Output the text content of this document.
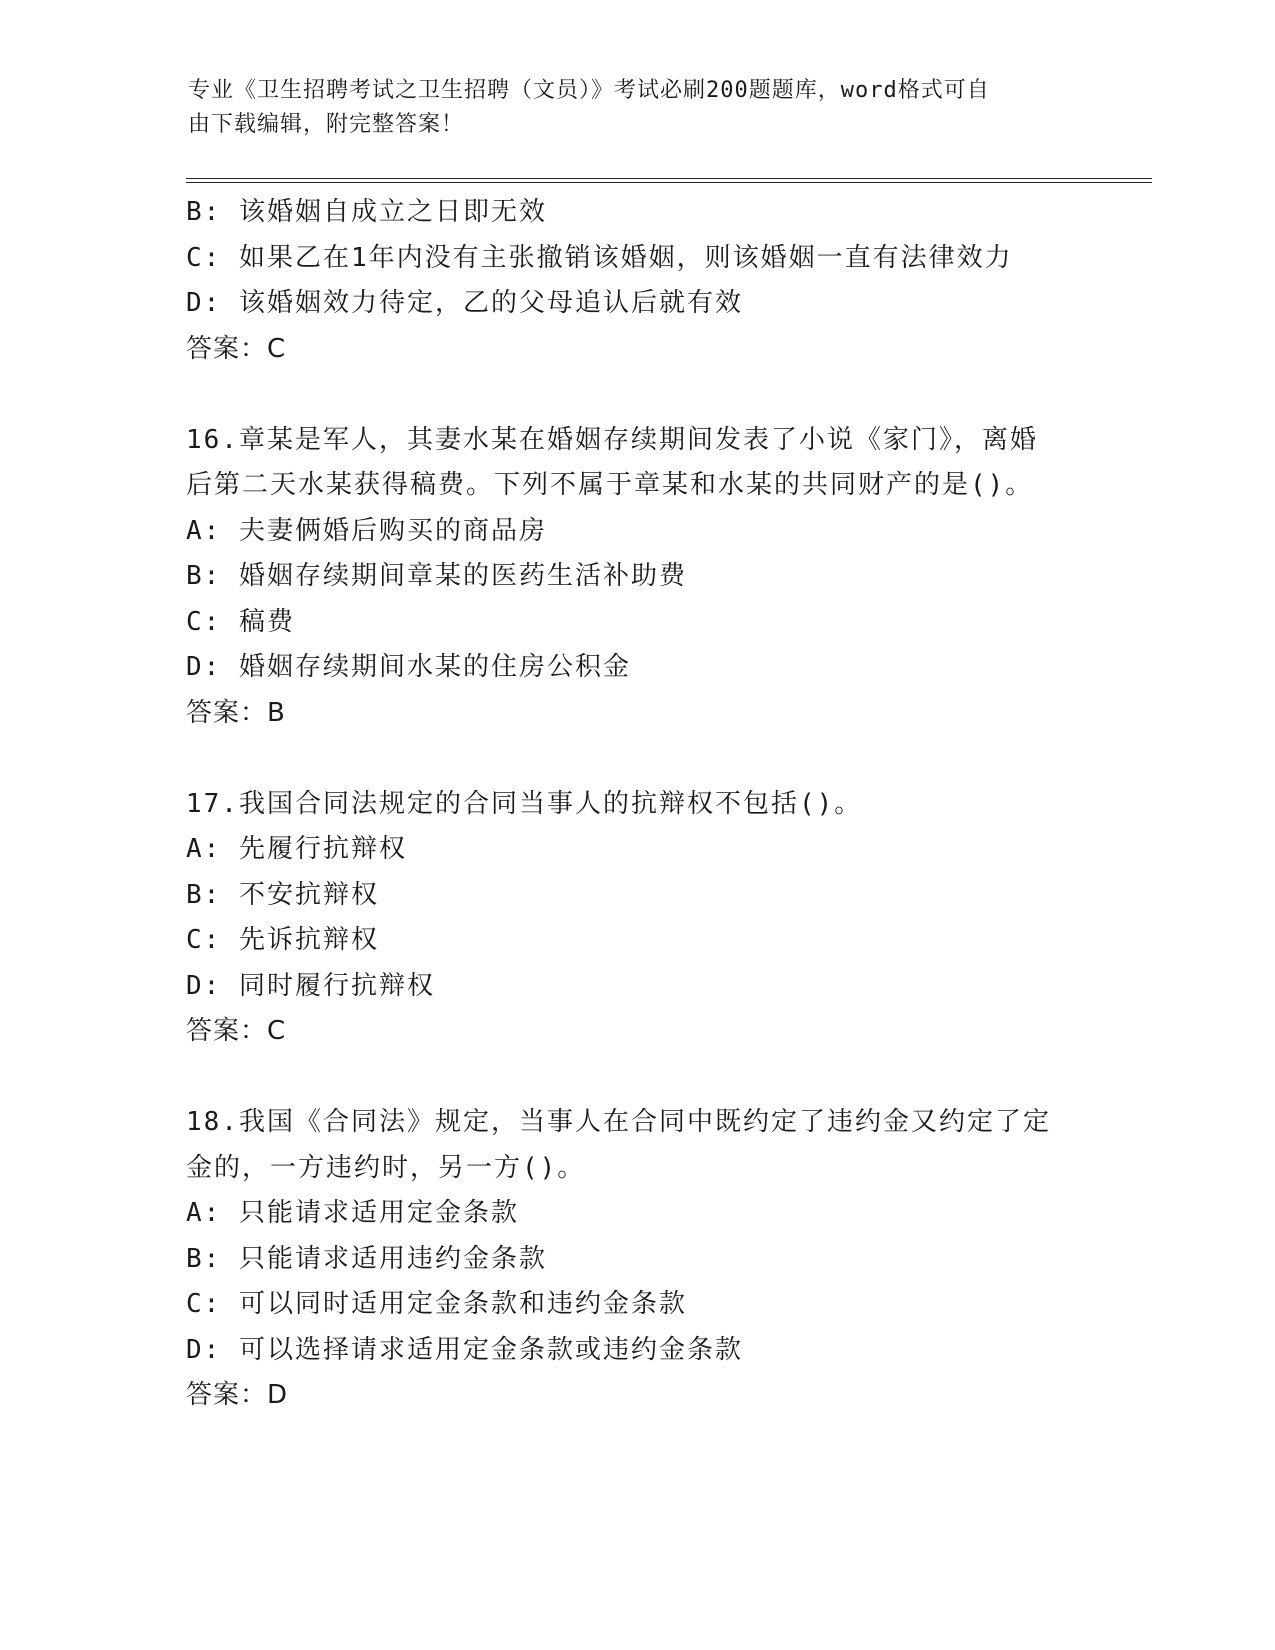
专业《卫生招聘考试之卫生招聘（文员）》考试必刷200题题库，word格式可自
由下载编辑，附完整答案！
B: 该婚姻自成立之日即无效
C: 如果乙在1年内没有主张撤销该婚姻，则该婚姻一直有法律效力
D: 该婚姻效力待定，乙的父母追认后就有效
答案：C
16.章某是军人，其妻水某在婚姻存续期间发表了小说《家门》，离婚
后第二天水某获得稿费。下列不属于章某和水某的共同财产的是()。
A: 夫妻俩婚后购买的商品房
B: 婚姻存续期间章某的医药生活补助费
C: 稿费
D: 婚姻存续期间水某的住房公积金
答案：B
17.我国合同法规定的合同当事人的抗辩权不包括()。
A: 先履行抗辩权
B: 不安抗辩权
C: 先诉抗辩权
D: 同时履行抗辩权
答案：C
18.我国《合同法》规定，当事人在合同中既约定了违约金又约定了定
金的，一方违约时，另一方()。
A: 只能请求适用定金条款
B: 只能请求适用违约金条款
C: 可以同时适用定金条款和违约金条款
D: 可以选择请求适用定金条款或违约金条款
答案：D
